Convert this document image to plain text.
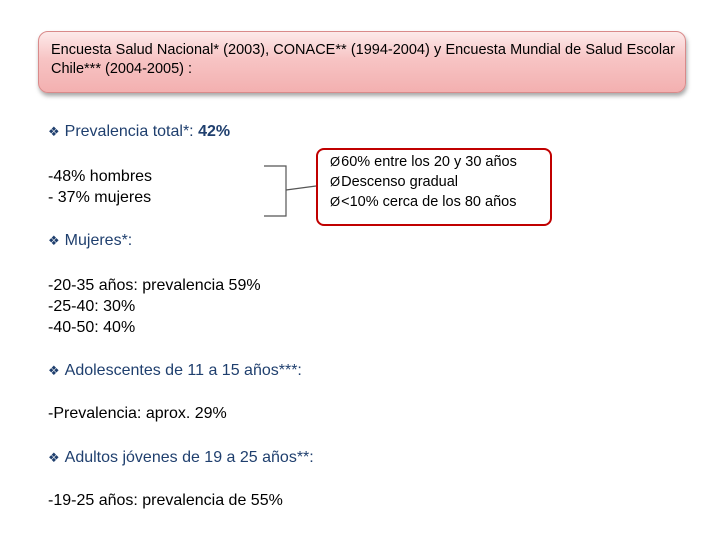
Encuesta Salud Nacional* (2003), CONACE** (1994-2004) y Encuesta Mundial de Salud Escolar Chile*** (2004-2005) :
❖ Prevalencia total*: 42%
-48% hombres
- 37% mujeres
Ø60% entre los 20 y 30 años
ØDescenso gradual
Ø<10% cerca de los 80 años
❖ Mujeres*:
-20-35 años: prevalencia 59%
-25-40: 30%
-40-50: 40%
❖ Adolescentes de 11 a 15 años***:
-Prevalencia: aprox. 29%
❖ Adultos jóvenes de 19 a 25 años**:
-19-25 años: prevalencia de 55%
